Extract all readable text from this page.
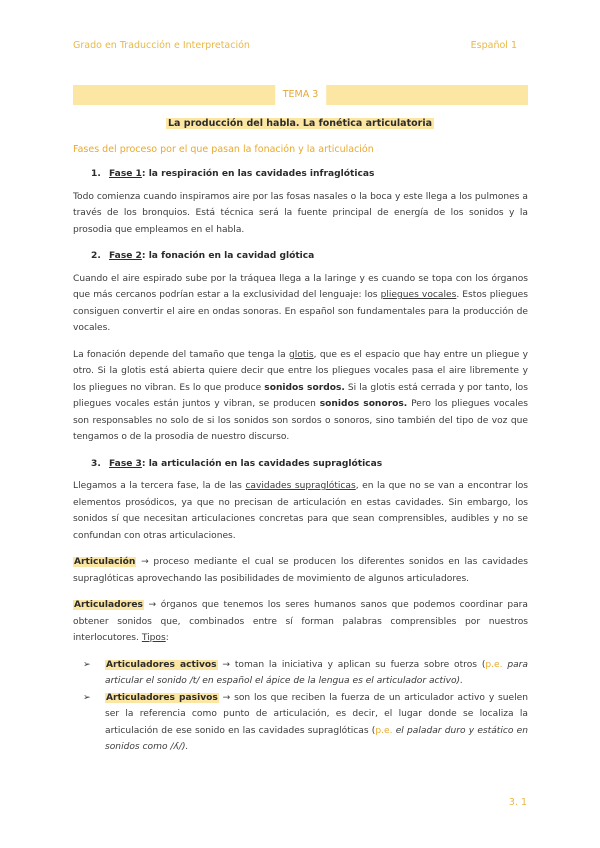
Grado en Traducción e Interpretación	Español 1
TEMA 3
La producción del habla. La fonética articulatoria
Fases del proceso por el que pasan la fonación y la articulación
1. Fase 1: la respiración en las cavidades infraglóticas

Todo comienza cuando inspiramos aire por las fosas nasales o la boca y este llega a los pulmones a través de los bronquios. Está técnica será la fuente principal de energía de los sonidos y la prosodia que empleamos en el habla.

2. Fase 2: la fonación en la cavidad glótica

Cuando el aire espirado sube por la tráquea llega a la laringe y es cuando se topa con los órganos que más cercanos podrían estar a la exclusividad del lenguaje: los pliegues vocales. Estos pliegues consiguen convertir el aire en ondas sonoras. En español son fundamentales para la producción de vocales.

La fonación depende del tamaño que tenga la glotis, que es el espacio que hay entre un pliegue y otro. Si la glotis está abierta quiere decir que entre los pliegues vocales pasa el aire libremente y los pliegues no vibran. Es lo que produce sonidos sordos. Si la glotis está cerrada y por tanto, los pliegues vocales están juntos y vibran, se producen sonidos sonoros. Pero los pliegues vocales son responsables no solo de si los sonidos son sordos o sonoros, sino también del tipo de voz que tengamos o de la prosodia de nuestro discurso.

3. Fase 3: la articulación en las cavidades supraglóticas

Llegamos a la tercera fase, la de las cavidades supraglóticas, en la que no se van a encontrar los elementos prosódicos, ya que no precisan de articulación en estas cavidades. Sin embargo, los sonidos sí que necesitan articulaciones concretas para que sean comprensibles, audibles y no se confundan con otras articulaciones.

Articulación → proceso mediante el cual se producen los diferentes sonidos en las cavidades supraglóticas aprovechando las posibilidades de movimiento de algunos articuladores.

Articuladores → órganos que tenemos los seres humanos sanos que podemos coordinar para obtener sonidos que, combinados entre sí forman palabras comprensibles por nuestros interlocutores. Tipos:

➢ Articuladores activos → toman la iniciativa y aplican su fuerza sobre otros (p.e. para articular el sonido /t/ en español el ápice de la lengua es el articulador activo).
➢ Articuladores pasivos → son los que reciben la fuerza de un articulador activo y suelen ser la referencia como punto de articulación, es decir, el lugar donde se localiza la articulación de ese sonido en las cavidades supraglóticas (p.e. el paladar duro y estático en sonidos como /ʎ/).
3. 1
